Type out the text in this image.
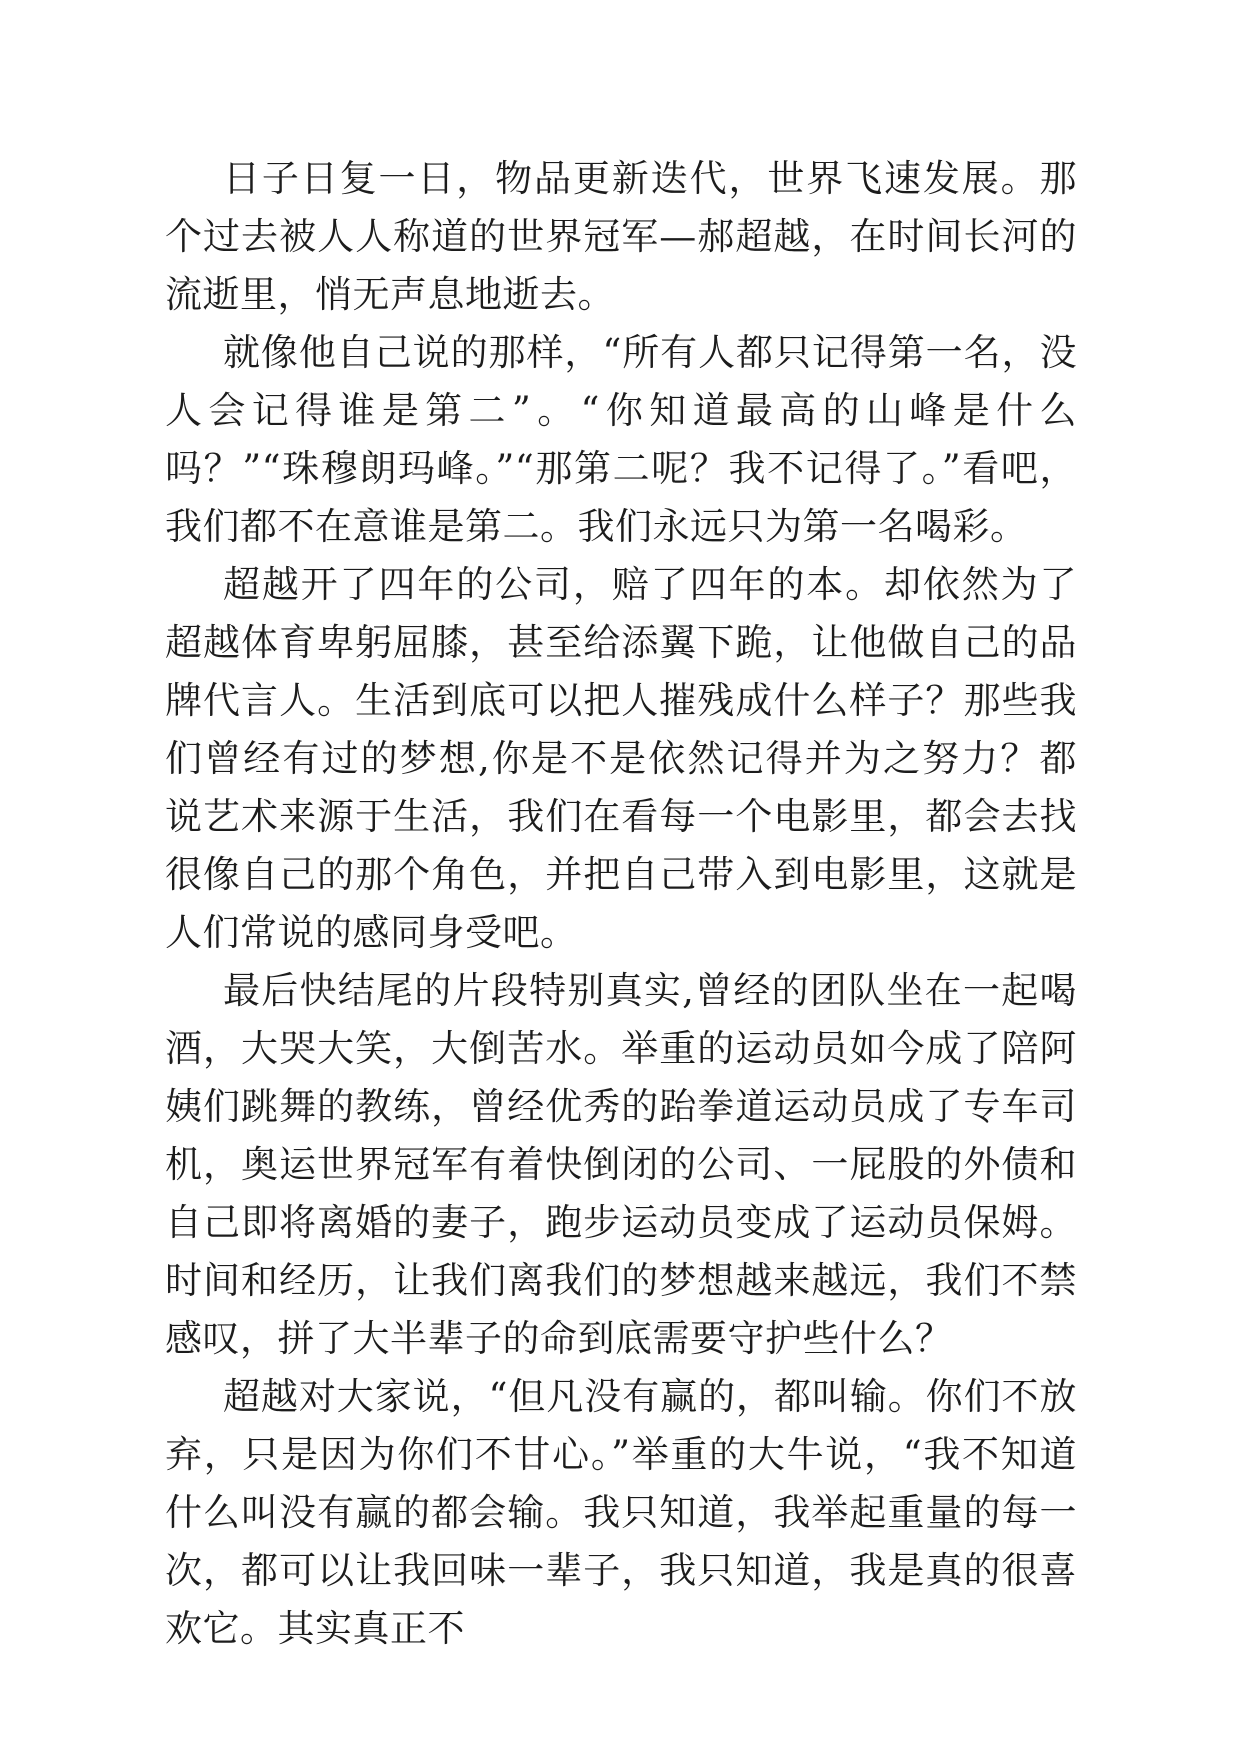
日子日复一日，物品更新迭代，世界飞速发展。那个过去被人人称道的世界冠军—郝超越，在时间长河的流逝里，悄无声息地逝去。

就像他自己说的那样，“所有人都只记得第一名，没人会记得谁是第二”。“你知道最高的山峰是什么吗？”“珠穆朗玛峰。”“那第二呢？我不记得了。”看吧，我们都不在意谁是第二。我们永远只为第一名喝彩。

超越开了四年的公司，赔了四年的本。却依然为了超越体育卑躬屈膝，甚至给添翼下跪，让他做自己的品牌代言人。生活到底可以把人摧残成什么样子？那些我们曾经有过的梦想,你是不是依然记得并为之努力？都说艺术来源于生活，我们在看每一个电影里，都会去找很像自己的那个角色，并把自己带入到电影里，这就是人们常说的感同身受吧。

最后快结尾的片段特别真实,曾经的团队坐在一起喝酒，大哭大笑，大倒苦水。举重的运动员如今成了陪阿姨们跳舞的教练，曾经优秀的跆拳道运动员成了专车司机，奥运世界冠军有着快倒闭的公司、一屁股的外债和自己即将离婚的妻子，跑步运动员变成了运动员保姆。时间和经历，让我们离我们的梦想越来越远，我们不禁感叹，拼了大半辈子的命到底需要守护些什么？

超越对大家说，“但凡没有赢的，都叫输。你们不放弃，只是因为你们不甘心。”举重的大牛说，“我不知道什么叫没有赢的都会输。我只知道，我举起重量的每一次，都可以让我回味一辈子，我只知道，我是真的很喜欢它。其实真正不
